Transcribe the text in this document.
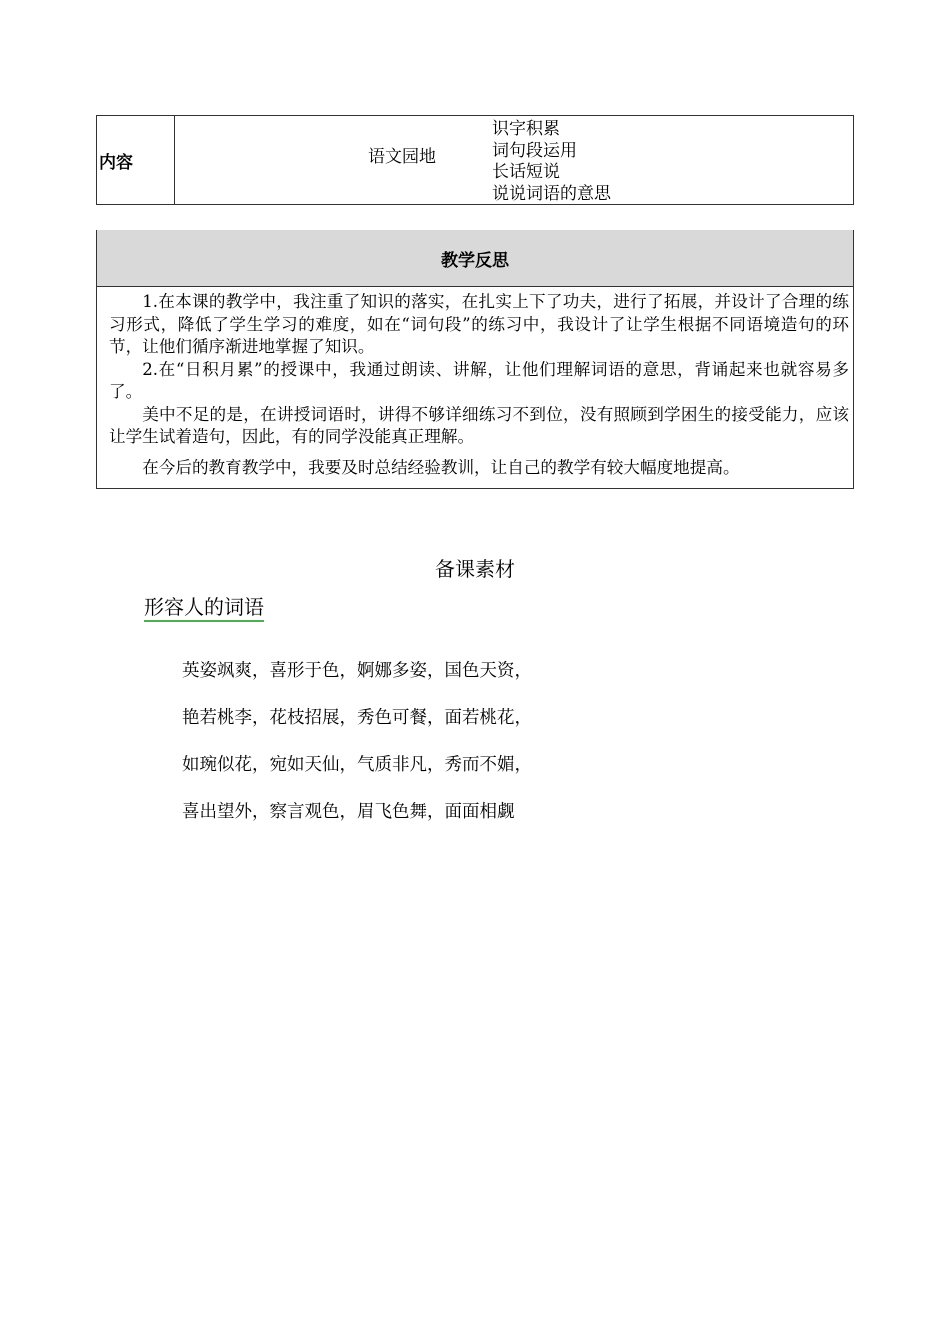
内容	语文园地
识字积累
词句段运用
长话短说
说说词语的意思
教学反思

1.在本课的教学中，我注重了知识的落实，在扎实上下了功夫，进行了拓展，并设计了合理的练习形式，降低了学生学习的难度，如在“词句段”的练习中，我设计了让学生根据不同语境造句的环节，让他们循序渐进地掌握了知识。

2.在“日积月累”的授课中，我通过朗读、讲解，让他们理解词语的意思，背诵起来也就容易多了。

美中不足的是，在讲授词语时，讲得不够详细练习不到位，没有照顾到学困生的接受能力，应该让学生试着造句，因此，有的同学没能真正理解。

在今后的教育教学中，我要及时总结经验教训，让自己的教学有较大幅度地提高。

备课素材
形容人的词语
英姿飒爽，喜形于色，婀娜多姿，国色天资，
艳若桃李，花枝招展，秀色可餐，面若桃花，
如琬似花，宛如天仙，气质非凡，秀而不媚，
喜出望外，察言观色，眉飞色舞，面面相觑
